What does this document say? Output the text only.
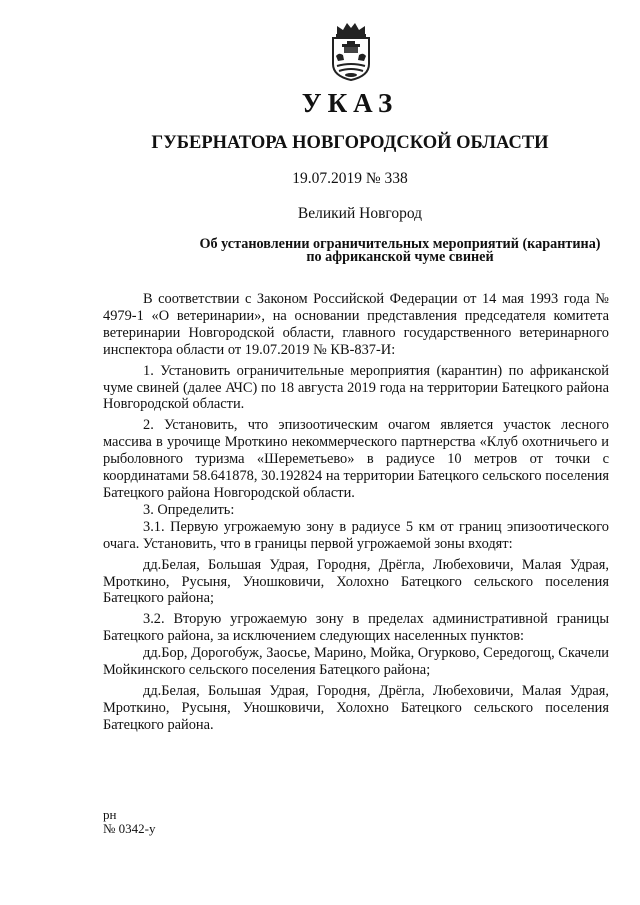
УКАЗ
ГУБЕРНАТОРА НОВГОРОДСКОЙ ОБЛАСТИ
19.07.2019 № 338
Великий Новгород
Об установлении ограничительных мероприятий (карантина)
по африканской чуме свиней

В соответствии с Законом Российской Федерации от 14 мая 1993 года № 4979-1 «О ветеринарии», на основании представления председателя комитета ветеринарии Новгородской области, главного государственного ветеринарного инспектора области от 19.07.2019 № КВ-837-И:

1. Установить ограничительные мероприятия (карантин) по африканской чуме свиней (далее АЧС) по 18 августа 2019 года на территории Батецкого района Новгородской области.

2. Установить, что эпизоотическим очагом является участок лесного массива в урочище Мроткино некоммерческого партнерства «Клуб охотничьего и рыболовного туризма «Шереметьево» в радиусе 10 метров от точки с координатами 58.641878, 30.192824 на территории Батецкого сельского поселения Батецкого района Новгородской области.

3. Определить:

3.1. Первую угрожаемую зону в радиусе 5 км от границ эпизоотического очага. Установить, что в границы первой угрожаемой зоны входят:

дд.Белая, Большая Удрая, Городня, Дрёгла, Любеховичи, Малая Удрая, Мроткино, Русыня, Уношковичи, Холохно Батецкого сельского поселения Батецкого района;

3.2. Вторую угрожаемую зону в пределах административной границы Батецкого района, за исключением следующих населенных пунктов:

дд.Бор, Дорогобуж, Заосье, Марино, Мойка, Огурково, Середогощ, Скачели Мойкинского сельского поселения Батецкого района;

дд.Белая, Большая Удрая, Городня, Дрёгла, Любеховичи, Малая Удрая, Мроткино, Русыня, Уношковичи, Холохно Батецкого сельского поселения Батецкого района.

рн
№ 0342-у
